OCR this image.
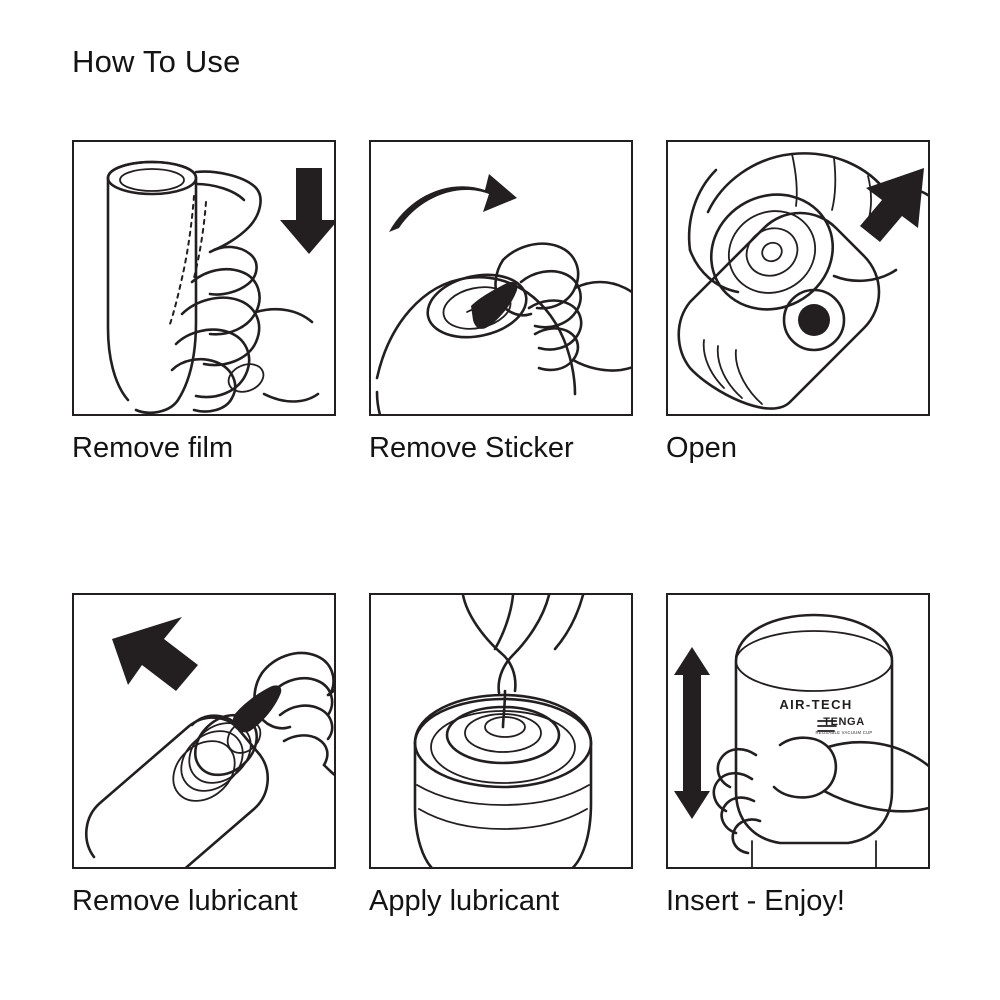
How To Use
Remove film	Remove Sticker	Open
Remove lubricant	Apply lubricant
AIR-TECH
TENGA
REUSABLE VACUUM CUP
Insert - Enjoy!
